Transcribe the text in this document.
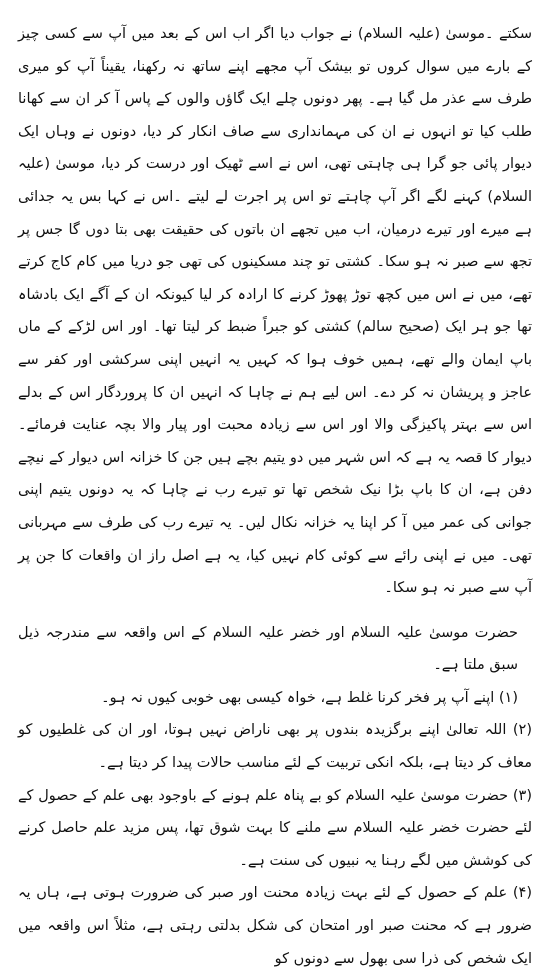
سکتے ۔موسیٰ (علیہ السلام) نے جواب دیا اگر اب اس کے بعد میں آپ سے کسی چیز کے بارے میں سوال کروں تو بیشک آپ مجھے اپنے ساتھ نہ رکھنا، یقیناً آپ کو میری طرف سے عذر مل گیا ہے۔ پھر دونوں چلے ایک گاؤں والوں کے پاس آ کر ان سے کھانا طلب کیا تو انہوں نے ان کی مہمانداری سے صاف انکار کر دیا، دونوں نے وہاں ایک دیوار پائی جو گرا ہی چاہتی تھی، اس نے اسے ٹھیک اور درست کر دیا، موسیٰ (علیہ السلام) کہنے لگے اگر آپ چاہتے تو اس پر اجرت لے لیتے ۔اس نے کہا بس یہ جدائی ہے میرے اور تیرے درمیان، اب میں تجھے ان باتوں کی حقیقت بھی بتا دوں گا جس پر تجھ سے صبر نہ ہو سکا۔ کشتی تو چند مسکینوں کی تھی جو دریا میں کام کاج کرتے تھے، میں نے اس میں کچھ توڑ پھوڑ کرنے کا ارادہ کر لیا کیونکہ ان کے آگے ایک بادشاہ تھا جو ہر ایک (صحیح سالم) کشتی کو جبراً ضبط کر لیتا تھا۔ اور اس لڑکے کے ماں باپ ایمان والے تھے، ہمیں خوف ہوا کہ کہیں یہ انہیں اپنی سرکشی اور کفر سے عاجز و پریشان نہ کر دے۔ اس لیے ہم نے چاہا کہ انہیں ان کا پروردگار اس کے بدلے اس سے بہتر پاکیزگی والا اور اس سے زیادہ محبت اور پیار والا بچہ عنایت فرمائے۔ دیوار کا قصہ یہ ہے کہ اس شہر میں دو یتیم بچے ہیں جن کا خزانہ اس دیوار کے نیچے دفن ہے، ان کا باپ بڑا نیک شخص تھا تو تیرے رب نے چاہا کہ یہ دونوں یتیم اپنی جوانی کی عمر میں آ کر اپنا یہ خزانہ نکال لیں۔ یہ تیرے رب کی طرف سے مہربانی تھی۔ میں نے اپنی رائے سے کوئی کام نہیں کیا، یہ ہے اصل راز ان واقعات کا جن پر آپ سے صبر نہ ہو سکا۔

حضرت موسیٰ علیہ السلام اور خضر علیہ السلام کے اس واقعہ سے مندرجہ ذیل سبق ملتا ہے۔

(۱) اپنے آپ پر فخر کرنا غلط ہے، خواہ کیسی بھی خوبی کیوں نہ ہو۔

(۲) اللہ تعالیٰ اپنے برگزیدہ بندوں پر بھی ناراض نہیں ہوتا، اور ان کی غلطیوں کو معاف کر دیتا ہے، بلکہ انکی تربیت کے لئے مناسب حالات پیدا کر دیتا ہے۔

(۳) حضرت موسیٰ علیہ السلام کو بے پناہ علم ہونے کے باوجود بھی علم کے حصول کے لئے حضرت خضر علیہ السلام سے ملنے کا بہت شوق تھا، پس مزید علم حاصل کرنے کی کوشش میں لگے رہنا یہ نبیوں کی سنت ہے۔

(۴) علم کے حصول کے لئے بہت زیادہ محنت اور صبر کی ضرورت ہوتی ہے، ہاں یہ ضرور ہے کہ محنت صبر اور امتحان کی شکل بدلتی رہتی ہے، مثلاً اس واقعہ میں ایک شخص کی ذرا سی بھول سے دونوں کو
